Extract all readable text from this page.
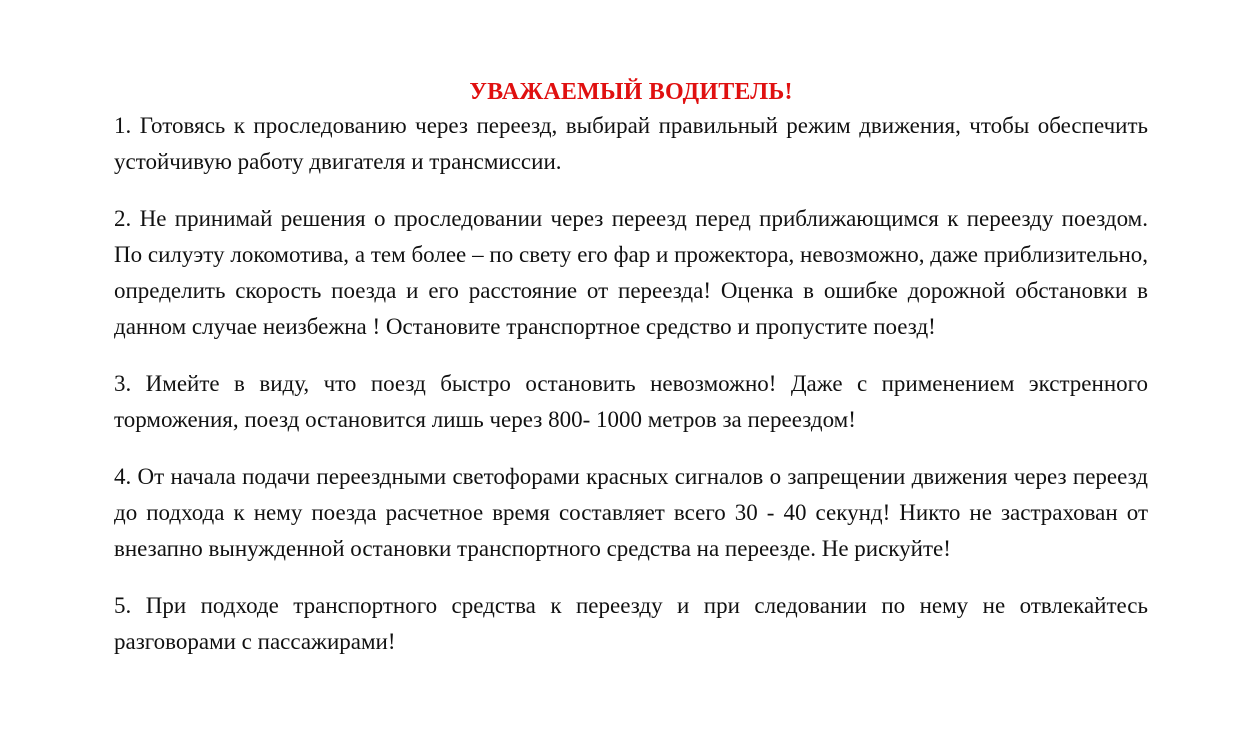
УВАЖАЕМЫЙ ВОДИТЕЛЬ!

1. Готовясь к проследованию через переезд, выбирай правильный режим движения, чтобы обеспечить устойчивую работу двигателя и трансмиссии.

2. Не принимай решения о проследовании через переезд перед приближающимся к переезду поездом. По силуэту локомотива, а тем более – по свету его фар и прожектора, невозможно, даже приблизительно, определить скорость поезда и его расстояние от переезда! Оценка в ошибке дорожной обстановки в данном случае неизбежна ! Остановите транспортное средство и пропустите поезд!

3. Имейте в виду, что поезд быстро остановить невозможно! Даже с применением экстренного торможения, поезд остановится лишь через 800- 1000 метров за переездом!

4. От начала подачи переездными светофорами красных сигналов о запрещении движения через переезд до подхода к нему поезда расчетное время составляет всего 30 - 40 секунд! Никто не застрахован от внезапно вынужденной остановки транспортного средства на переезде. Не рискуйте!

5. При подходе транспортного средства к переезду и при следовании по нему не отвлекайтесь разговорами с пассажирами!
